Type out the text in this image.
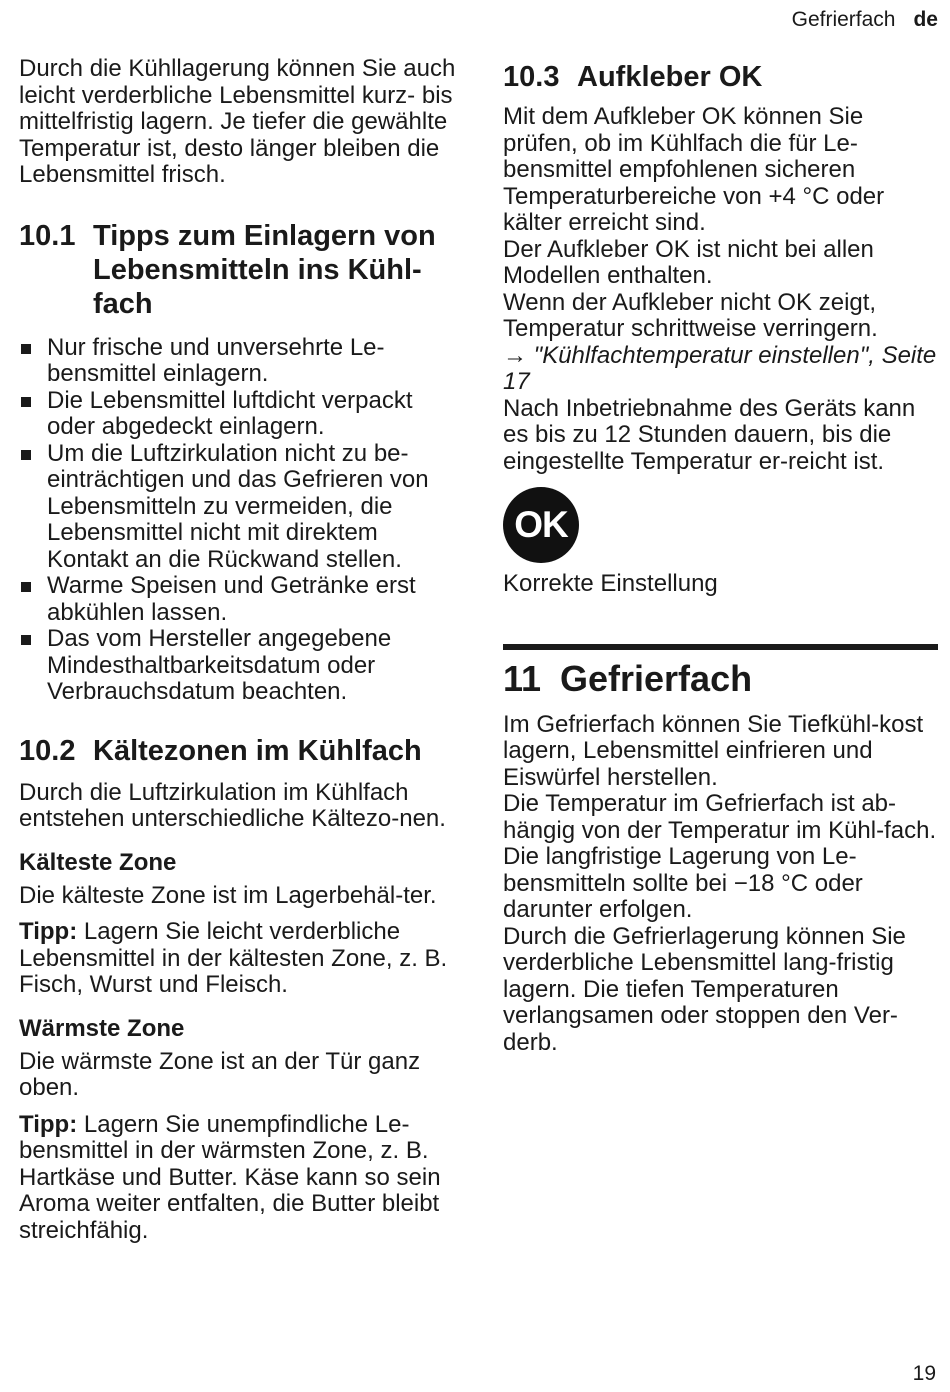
Gefrierfach de

Durch die Kühllagerung können Sie auch leicht verderbliche Lebensmittel kurz- bis mittelfristig lagern. Je tiefer die gewählte Temperatur ist, desto länger bleiben die Lebensmittel frisch.

10.1 Tipps zum Einlagern von Lebensmitteln ins Kühl-fach
Nur frische und unversehrte Le-bensmittel einlagern.
Die Lebensmittel luftdicht verpackt oder abgedeckt einlagern.
Um die Luftzirkulation nicht zu be-einträchtigen und das Gefrieren von Lebensmitteln zu vermeiden, die Lebensmittel nicht mit direktem Kontakt an die Rückwand stellen.
Warme Speisen und Getränke erst abkühlen lassen.
Das vom Hersteller angegebene Mindesthaltbarkeitsdatum oder Verbrauchsdatum beachten.
10.2 Kältezonen im Kühlfach

Durch die Luftzirkulation im Kühlfach entstehen unterschiedliche Kältezo-nen.

Kälteste Zone

Die kälteste Zone ist im Lagerbehäl-ter.

Tipp: Lagern Sie leicht verderbliche Lebensmittel in der kältesten Zone, z. B. Fisch, Wurst und Fleisch.

Wärmste Zone

Die wärmste Zone ist an der Tür ganz oben.

Tipp: Lagern Sie unempfindliche Le-bensmittel in der wärmsten Zone, z. B. Hartkäse und Butter. Käse kann so sein Aroma weiter entfalten, die Butter bleibt streichfähig.

10.3 Aufkleber OK

Mit dem Aufkleber OK können Sie prüfen, ob im Kühlfach die für Le-bensmittel empfohlenen sicheren Temperaturbereiche von +4 °C oder kälter erreicht sind.

Der Aufkleber OK ist nicht bei allen Modellen enthalten.

Wenn der Aufkleber nicht OK zeigt, Temperatur schrittweise verringern.

→ "Kühlfachtemperatur einstellen", Seite 17

Nach Inbetriebnahme des Geräts kann es bis zu 12 Stunden dauern, bis die eingestellte Temperatur er-reicht ist.

OK

Korrekte Einstellung

11 Gefrierfach

Im Gefrierfach können Sie Tiefkühl-kost lagern, Lebensmittel einfrieren und Eiswürfel herstellen.

Die Temperatur im Gefrierfach ist ab-hängig von der Temperatur im Kühl-fach.

Die langfristige Lagerung von Le-bensmitteln sollte bei −18 °C oder darunter erfolgen.

Durch die Gefrierlagerung können Sie verderbliche Lebensmittel lang-fristig lagern. Die tiefen Temperaturen verlangsamen oder stoppen den Ver-derb.

19
